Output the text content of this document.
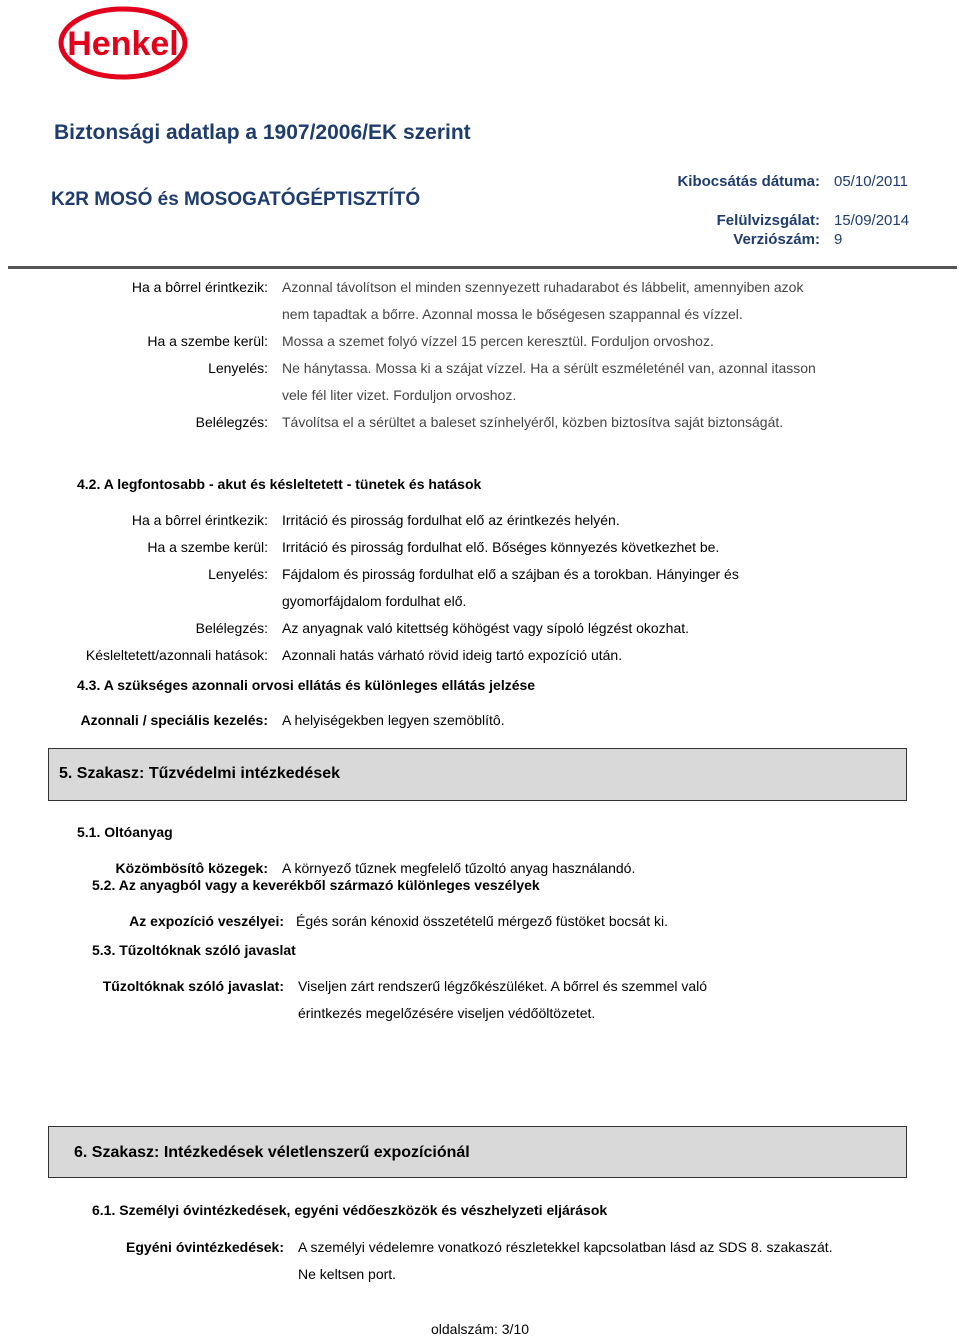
Henkel
Biztonsági adatlap a 1907/2006/EK szerint
K2R MOSÓ és MOSOGATÓGÉPTISZTÍTÓ
Kibocsátás dátuma: 05/10/2011
Felülvizsgálat: 15/09/2014
Verziószám: 9
Ha a bôrrel érintkezik: Azonnal távolítson el minden szennyezett ruhadarabot és lábbelit, amennyiben azok
nem tapadtak a bőrre. Azonnal mossa le bőségesen szappannal és vízzel.
Ha a szembe kerül: Mossa a szemet folyó vízzel 15 percen keresztül. Forduljon orvoshoz.
Lenyelés: Ne hánytassa. Mossa ki a szájat vízzel. Ha a sérült eszméleténél van, azonnal itasson
vele fél liter vizet. Forduljon orvoshoz.
Belélegzés: Távolítsa el a sérültet a baleset színhelyéről, közben biztosítva saját biztonságát.
4.2. A legfontosabb - akut és késleltetett - tünetek és hatások
Ha a bôrrel érintkezik: Irritáció és pirosság fordulhat elő az érintkezés helyén.
Ha a szembe kerül: Irritáció és pirosság fordulhat elő. Bőséges könnyezés következhet be.
Lenyelés: Fájdalom és pirosság fordulhat elő a szájban és a torokban. Hányinger és
gyomorfájdalom fordulhat elő.
Belélegzés: Az anyagnak való kitettség köhögést vagy sípoló légzést okozhat.
Késleltetett/azonnali hatások: Azonnali hatás várható rövid ideig tartó expozíció után.
4.3. A szükséges azonnali orvosi ellátás és különleges ellátás jelzése
Azonnali / speciális kezelés: A helyiségekben legyen szemöblítô.
5. Szakasz: Tűzvédelmi intézkedések
5.1. Oltóanyag
Közömbösítô közegek: A környező tűznek megfelelő tűzoltó anyag használandó.
5.2. Az anyagból vagy a keverékből származó különleges veszélyek
Az expozíció veszélyei: Égés során kénoxid összetételű mérgező füstöket bocsát ki.
5.3. Tűzoltóknak szóló javaslat
Tűzoltóknak szóló javaslat: Viseljen zárt rendszerű légzőkészüléket. A bőrrel és szemmel való
érintkezés megelőzésére viseljen védőöltözetet.
6. Szakasz: Intézkedések véletlenszerű expozíciónál
6.1. Személyi óvintézkedések, egyéni védőeszközök és vészhelyzeti eljárások
Egyéni óvintézkedések: A személyi védelemre vonatkozó részletekkel kapcsolatban lásd az SDS 8. szakaszát.
Ne keltsen port.
oldalszám: 3/10
